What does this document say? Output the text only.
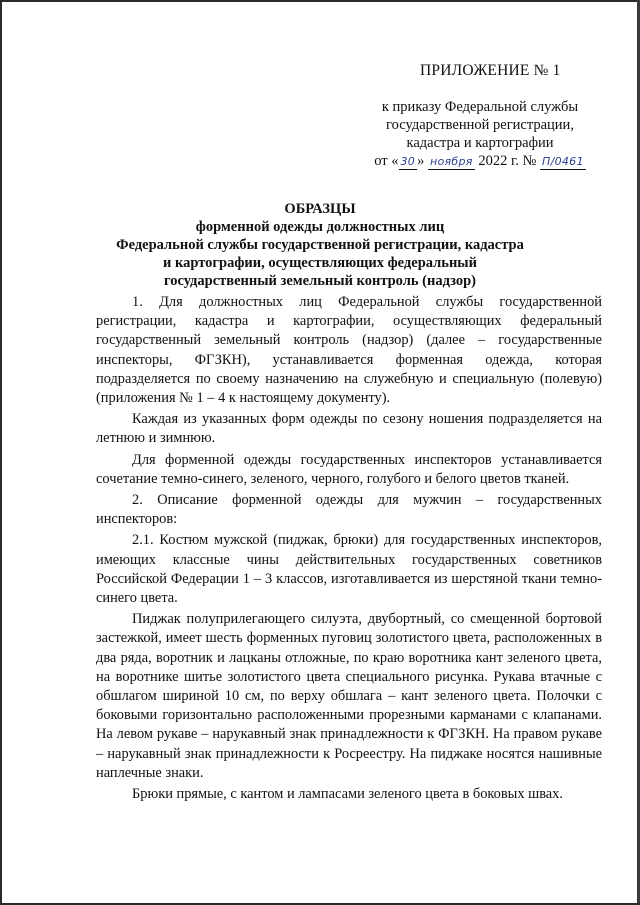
ПРИЛОЖЕНИЕ № 1
к приказу Федеральной службы
государственной регистрации,
кадастра и картографии
от « 30 » ноября 2022 г. № П/0461
ОБРАЗЦЫ
форменной одежды должностных лиц
Федеральной службы государственной регистрации, кадастра
и картографии, осуществляющих федеральный
государственный земельный контроль (надзор)

1. Для должностных лиц Федеральной службы государственной регистрации, кадастра и картографии, осуществляющих федеральный государственный земельный контроль (надзор) (далее – государственные инспекторы, ФГЗКН), устанавливается форменная одежда, которая подразделяется по своему назначению на служебную и специальную (полевую) (приложения № 1 – 4 к настоящему документу).

Каждая из указанных форм одежды по сезону ношения подразделяется на летнюю и зимнюю.

Для форменной одежды государственных инспекторов устанавливается сочетание темно-синего, зеленого, черного, голубого и белого цветов тканей.

2. Описание форменной одежды для мужчин – государственных инспекторов:

2.1. Костюм мужской (пиджак, брюки) для государственных инспекторов, имеющих классные чины действительных государственных советников Российской Федерации 1 – 3 классов, изготавливается из шерстяной ткани темно-синего цвета.

Пиджак полуприлегающего силуэта, двубортный, со смещенной бортовой застежкой, имеет шесть форменных пуговиц золотистого цвета, расположенных в два ряда, воротник и лацканы отложные, по краю воротника кант зеленого цвета, на воротнике шитье золотистого цвета специального рисунка. Рукава втачные с обшлагом шириной 10 см, по верху обшлага – кант зеленого цвета. Полочки с боковыми горизонтально расположенными прорезными карманами с клапанами. На левом рукаве – нарукавный знак принадлежности к ФГЗКН. На правом рукаве – нарукавный знак принадлежности к Росреестру. На пиджаке носятся нашивные наплечные знаки.

Брюки прямые, с кантом и лампасами зеленого цвета в боковых швах.
